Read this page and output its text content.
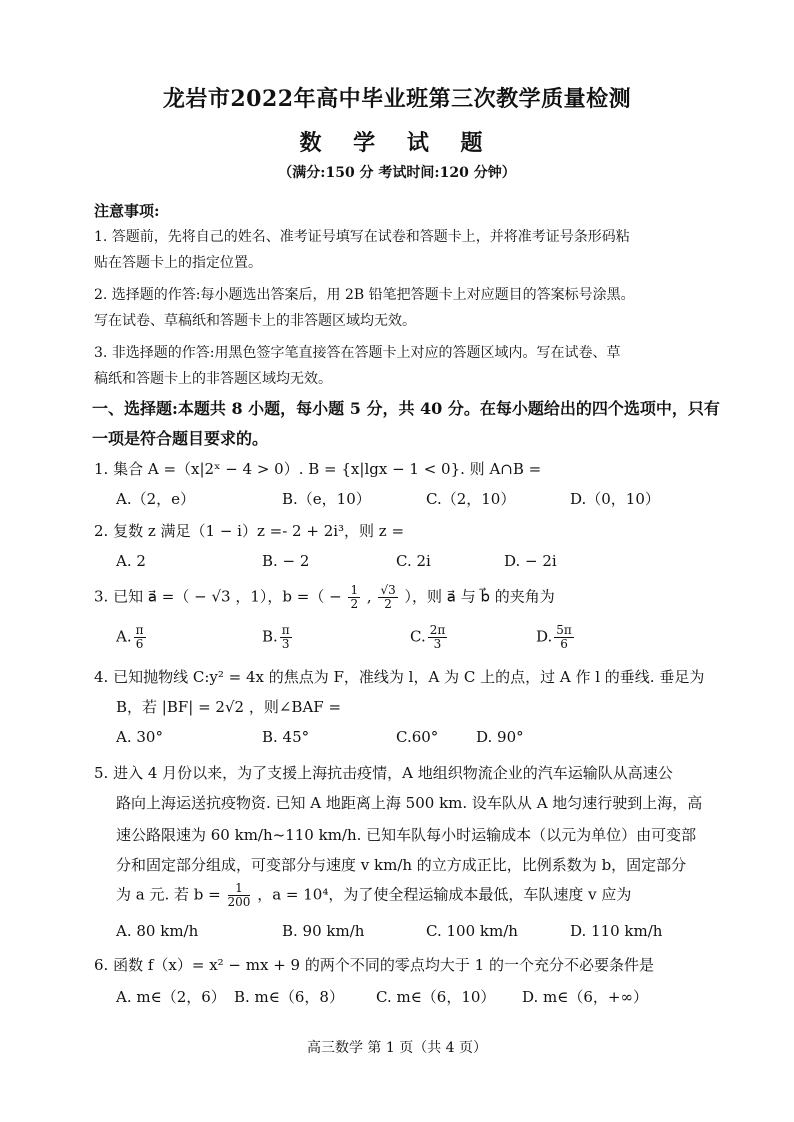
龙岩市2022年高中毕业班第三次教学质量检测
数 学 试 题
（满分:150 分 考试时间:120 分钟）
注意事项:
1. 答题前，先将自己的姓名、准考证号填写在试卷和答题卡上，并将准考证号条形码粘
贴在答题卡上的指定位置。
2. 选择题的作答:每小题选出答案后，用 2B 铅笔把答题卡上对应题目的答案标号涂黑。
写在试卷、草稿纸和答题卡上的非答题区域均无效。
3. 非选择题的作答:用黑色签字笔直接答在答题卡上对应的答题区域内。写在试卷、草
稿纸和答题卡上的非答题区域均无效。
一、选择题:本题共 8 小题，每小题 5 分，共 40 分。在每小题给出的四个选项中，只有
一项是符合题目要求的。
1. 集合 A =（x|2ˣ − 4 > 0）. B = {x|lgx − 1 < 0}. 则 A∩B =
A.（2，e）	B.（e，10）	C.（2，10）	D.（0，10）
2. 复数 z 满足（1 − i）z =- 2 + 2i³，则 z =
A. 2	B. − 2	C. 2i	D. − 2i
3. 已知 a⃗ =（ − √3 ，1），b =（ − $\frac{1}{2}$ , $\frac{√3}{2}$ ），则 a⃗ 与 b⃗ 的夹角为
A. $\frac{\pi}{6}$	B. $\frac{\pi}{3}$	C. $\frac{2\pi}{3}$	D. $\frac{5\pi}{6}$
4. 已知抛物线 C:y² = 4x 的焦点为 F，准线为 l，A 为 C 上的点，过 A 作 l 的垂线. 垂足为
B，若 |BF| = 2√2 ，则∠BAF =
A. 30°	B. 45°	C.60°	D. 90°
5. 进入 4 月份以来，为了支援上海抗击疫情，A 地组织物流企业的汽车运输队从高速公
路向上海运送抗疫物资. 已知 A 地距离上海 500 km. 设车队从 A 地匀速行驶到上海，高
速公路限速为 60 km/h~110 km/h. 已知车队每小时运输成本（以元为单位）由可变部
分和固定部分组成，可变部分与速度 v km/h 的立方成正比，比例系数为 b，固定部分
为 a 元. 若 $b = \frac{1}{200}$ ，a = 10⁴，为了使全程运输成本最低，车队速度 v 应为
A. 80 km/h	B. 90 km/h	C. 100 km/h	D. 110 km/h
6. 函数 f（x）= x² − mx + 9 的两个不同的零点均大于 1 的一个充分不必要条件是
A. m∈（2，6） B. m∈（6，8） C. m∈（6，10） D. m∈（6，+∞）
高三数学 第 1 页（共 4 页）
